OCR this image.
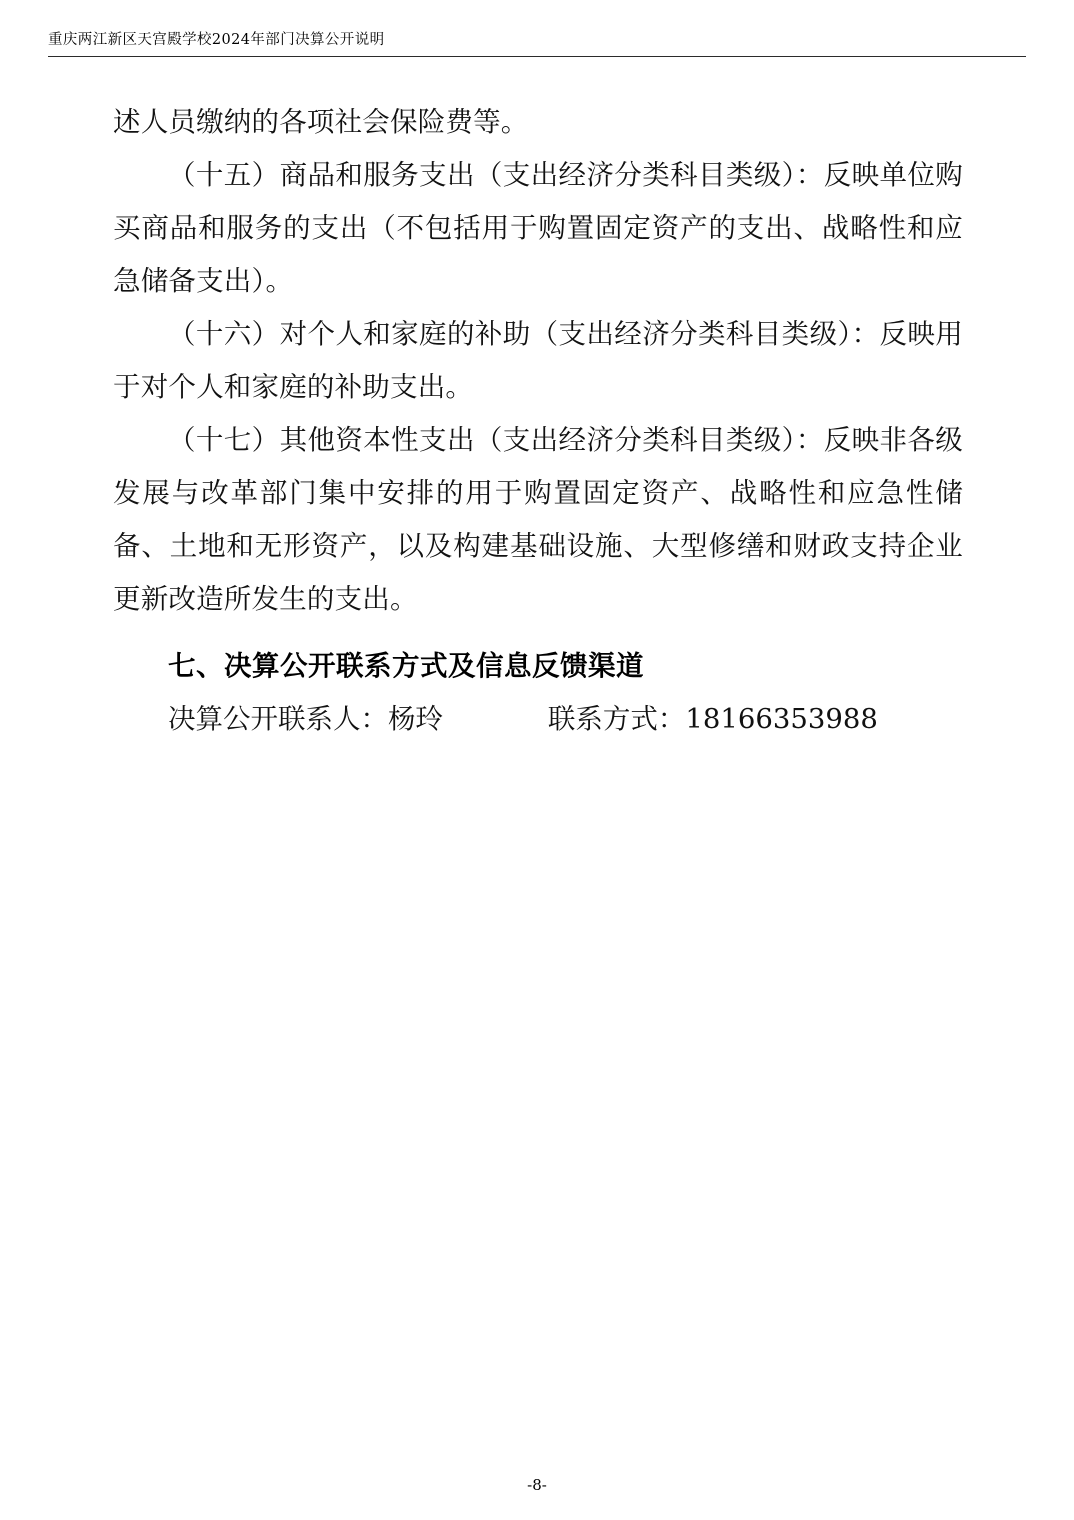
重庆两江新区天宫殿学校2024年部门决算公开说明

述人员缴纳的各项社会保险费等。

（十五）商品和服务支出（支出经济分类科目类级）：反映单位购买商品和服务的支出（不包括用于购置固定资产的支出、战略性和应急储备支出）。

（十六）对个人和家庭的补助（支出经济分类科目类级）：反映用于对个人和家庭的补助支出。

（十七）其他资本性支出（支出经济分类科目类级）：反映非各级发展与改革部门集中安排的用于购置固定资产、战略性和应急性储备、土地和无形资产，以及构建基础设施、大型修缮和财政支持企业更新改造所发生的支出。

七、决算公开联系方式及信息反馈渠道

决算公开联系人：杨玲            联系方式：18166353988

-8-
